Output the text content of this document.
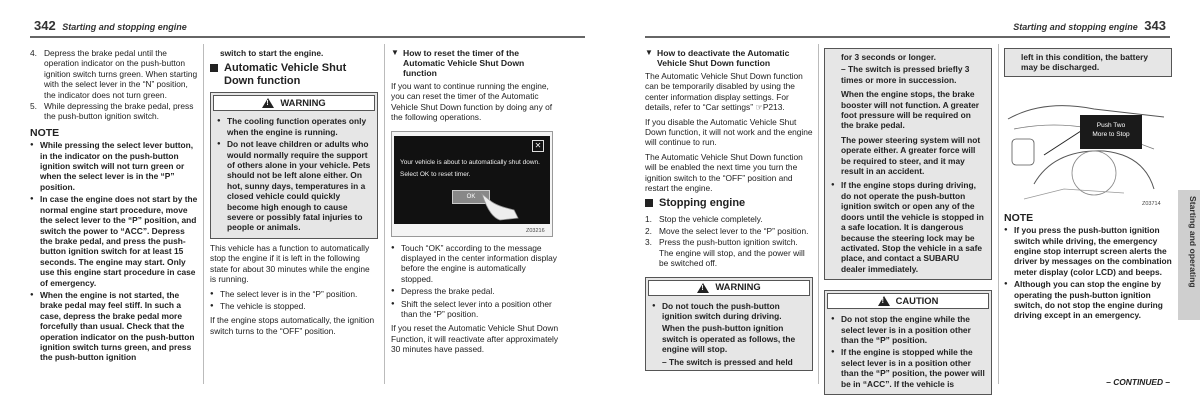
342 Starting and stopping engine
4. Depress the brake pedal until the operation indicator on the push-button ignition switch turns green. When starting with the select lever in the “N” position, the indicator does not turn green.
5. While depressing the brake pedal, press the push-button ignition switch.
NOTE
● While pressing the select lever button, in the indicator on the push-button ignition switch will not turn green or when the select lever is in the “P” position.
● In case the engine does not start by the normal engine start procedure, move the select lever to the “P” position, and switch the power to “ACC”. Depress the brake pedal, and press the push-button ignition switch for at least 15 seconds. The engine may start. Only use this engine start procedure in case of emergency.
● When the engine is not started, the brake pedal may feel stiff. In such a case, depress the brake pedal more forcefully than usual. Check that the operation indicator on the push-button ignition switch turns green, and press the push-button ignition

switch to start the engine.

Automatic Vehicle Shut Down function
!
WARNING
● The cooling function operates only when the engine is running.
● Do not leave children or adults who would normally require the support of others alone in your vehicle. Pets should not be left alone either. On hot, sunny days, temperatures in a closed vehicle could quickly become high enough to cause severe or possibly fatal injuries to people or animals.

This vehicle has a function to automatically stop the engine if it is left in the following state for about 30 minutes while the engine is running.

● The select lever is in the “P” position.
● The vehicle is stopped.

If the engine stops automatically, the ignition switch turns to the “OFF” position.

▼ How to reset the timer of the Automatic Vehicle Shut Down function

If you want to continue running the engine, you can reset the timer of the Automatic Vehicle Shut Down function by doing any of the following operations.

✕
Your vehicle is about to automatically shut down.
Select OK to reset timer.
OK
Z03216
● Touch “OK” according to the message displayed in the center information display before the engine is automatically stopped.
● Depress the brake pedal.
● Shift the select lever into a position other than the “P” position.

If you reset the Automatic Vehicle Shut Down Function, it will reactivate after approximately 30 minutes have passed.

Starting and stopping engine 343
▼ How to deactivate the Automatic Vehicle Shut Down function

The Automatic Vehicle Shut Down function can be temporarily disabled by using the center information display settings. For details, refer to “Car settings” ☞P213.

If you disable the Automatic Vehicle Shut Down function, it will not work and the engine will continue to run.

The Automatic Vehicle Shut Down function will be enabled the next time you turn the ignition switch to the “OFF” position and restart the engine.

Stopping engine
1. Stop the vehicle completely.
2. Move the select lever to the “P” position.
3. Press the push-button ignition switch. The engine will stop, and the power will be switched off.
!
WARNING
● Do not touch the push-button ignition switch during driving.

When the push-button ignition switch is operated as follows, the engine will stop.

– The switch is pressed and held

for 3 seconds or longer.

– The switch is pressed briefly 3 times or more in succession.

When the engine stops, the brake booster will not function. A greater foot pressure will be required on the brake pedal.

The power steering system will not operate either. A greater force will be required to steer, and it may result in an accident.

● If the engine stops during driving, do not operate the push-button ignition switch or open any of the doors until the vehicle is stopped in a safe location. It is dangerous because the steering lock may be activated. Stop the vehicle in a safe place, and contact a SUBARU dealer immediately.
!
CAUTION
● Do not stop the engine while the select lever is in a position other than the “P” position.
● If the engine is stopped while the select lever is in a position other than the “P” position, the power will be in “ACC”. If the vehicle is

left in this condition, the battery may be discharged.

Push Two
More to Stop
Z03714
NOTE
● If you press the push-button ignition switch while driving, the emergency engine stop interrupt screen alerts the driver by messages on the combination meter display (color LCD) and beeps.
● Although you can stop the engine by operating the push-button ignition switch, do not stop the engine during driving except in an emergency.
Starting and operating
– CONTINUED –
